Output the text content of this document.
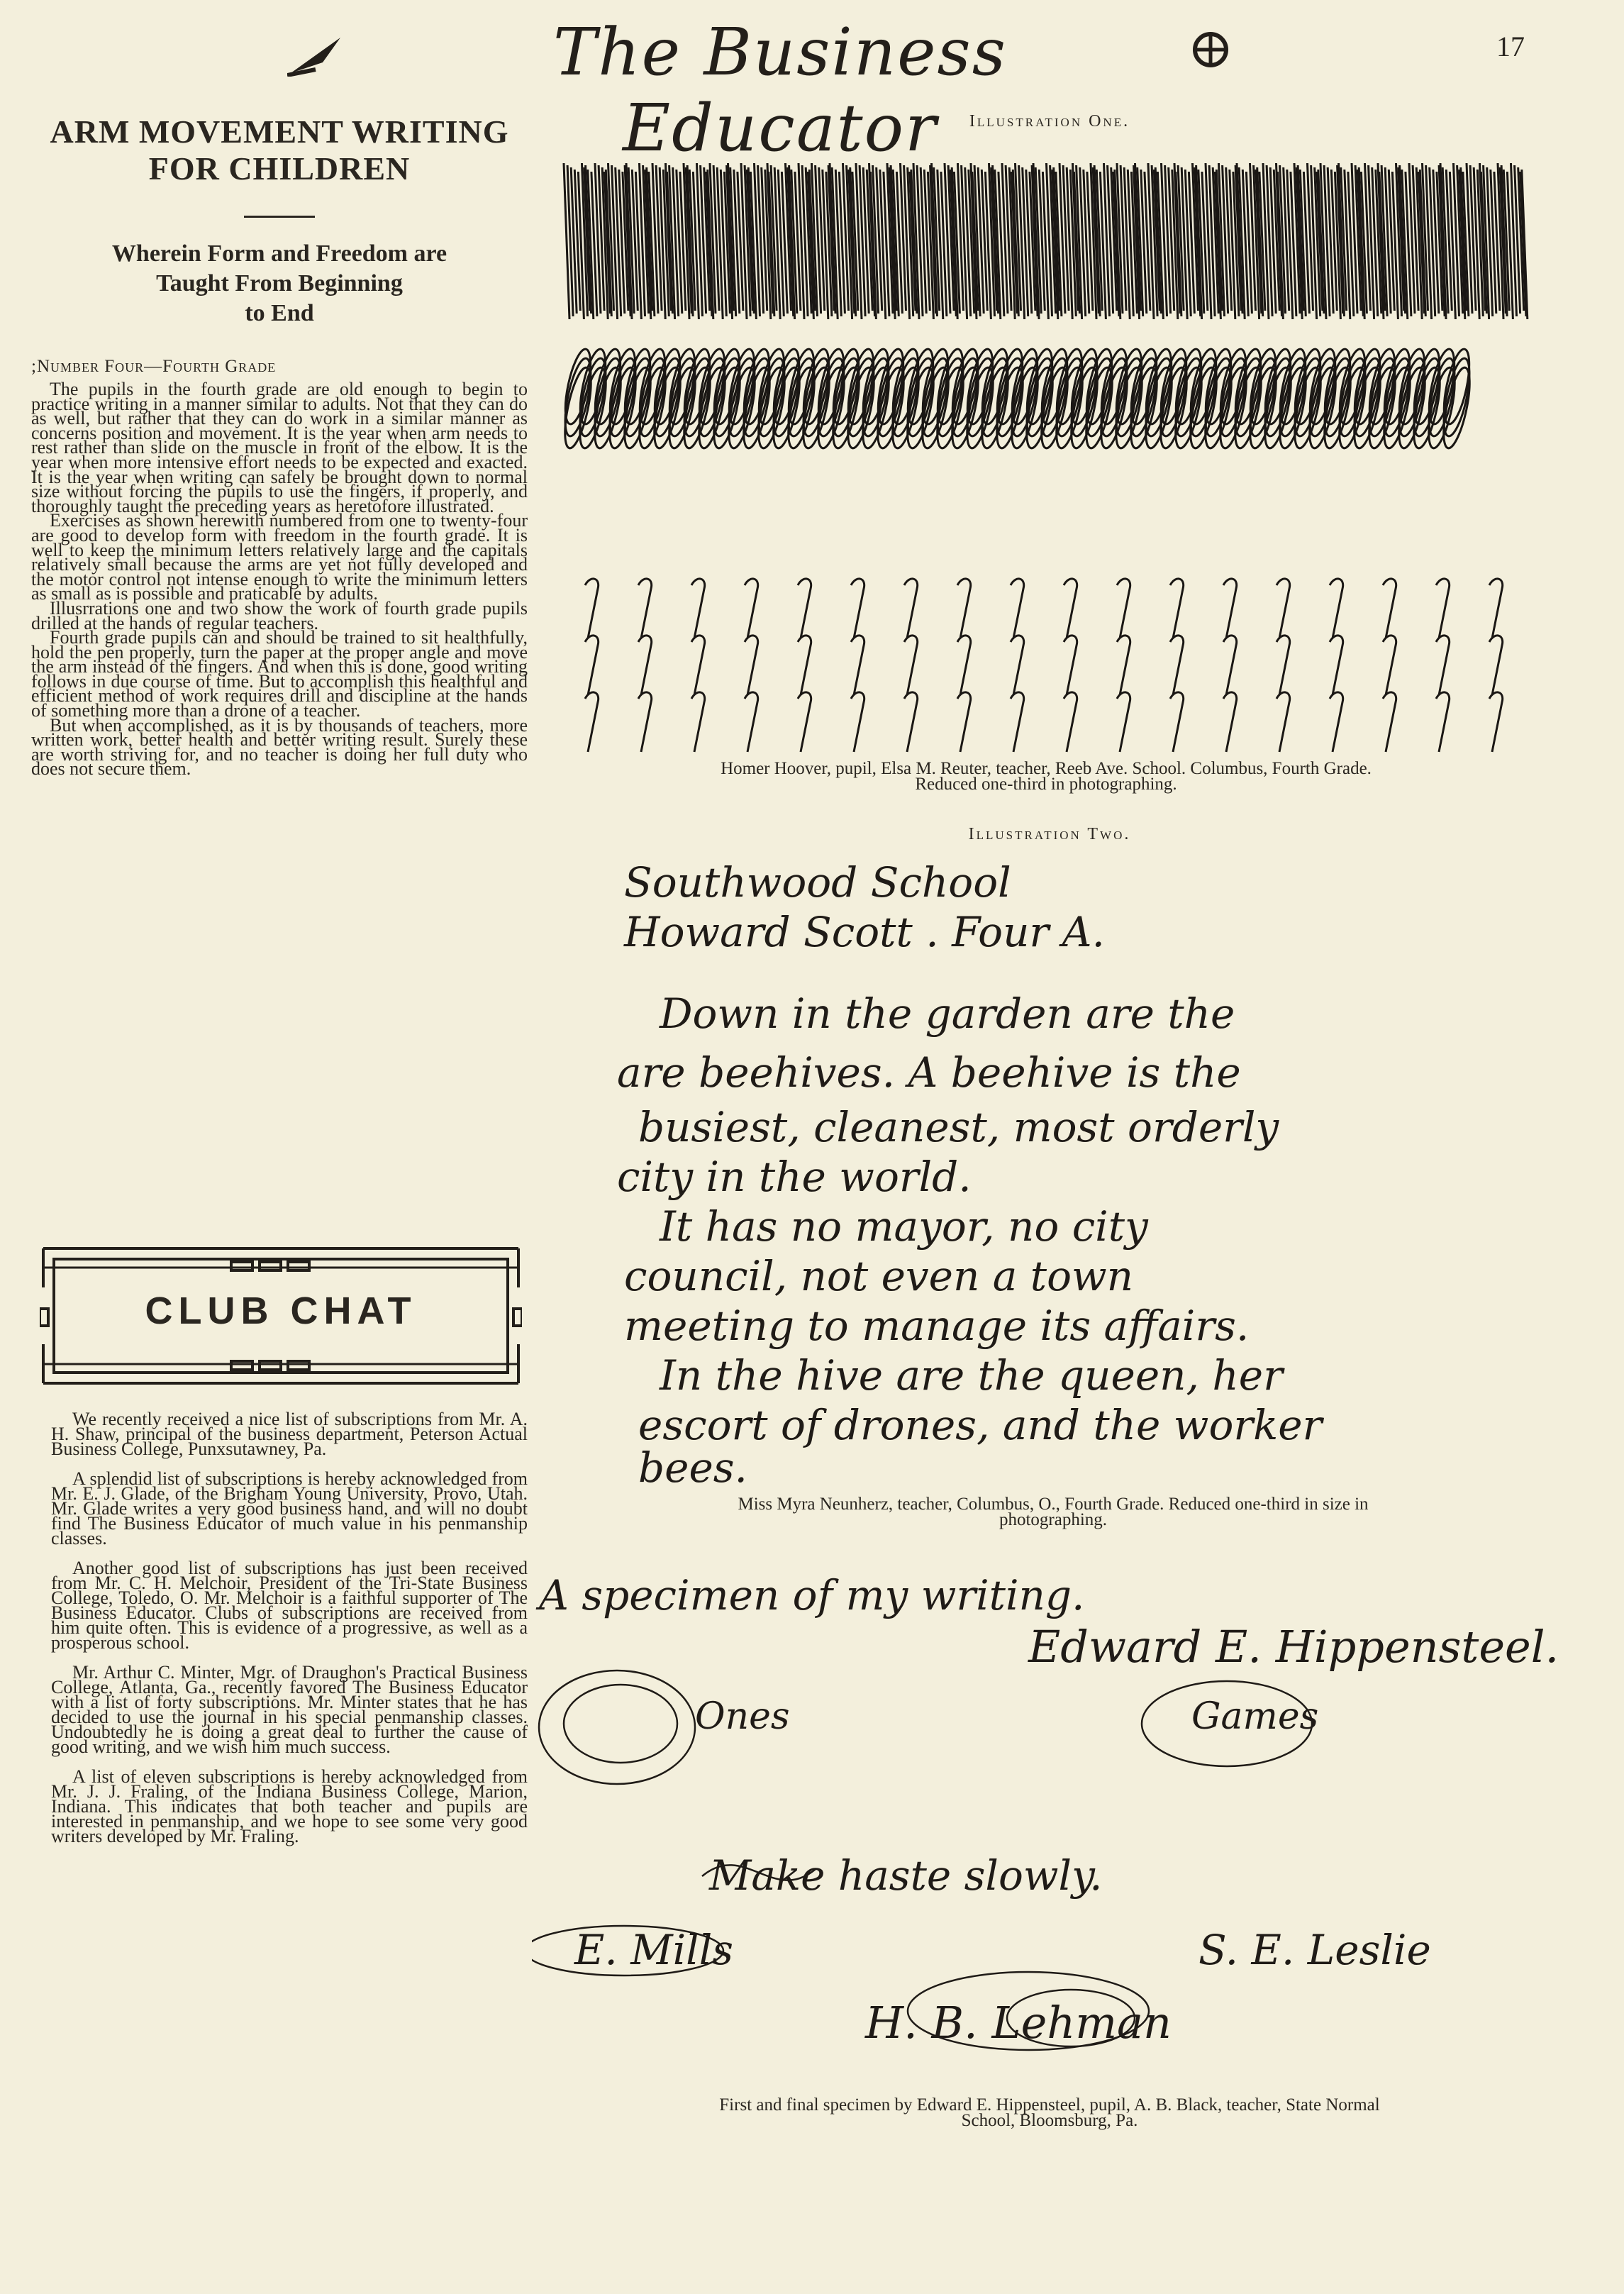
The Business Educator
17
ARM MOVEMENT WRITING
FOR CHILDREN

Wherein Form and Freedom are
Taught From Beginning
to End

;Number Four—Fourth Grade

The pupils in the fourth grade are old enough to begin to practice writing in a manner similar to adults. Not that they can do as well, but rather that they can do work in a similar manner as concerns position and movement. It is the year when arm needs to rest rather than slide on the muscle in front of the elbow. It is the year when more intensive effort needs to be expected and exacted. It is the year when writing can safely be brought down to normal size without forcing the pupils to use the fingers, if properly, and thoroughly taught the preceding years as heretofore illustrated.

Exercises as shown herewith numbered from one to twenty-four are good to develop form with freedom in the fourth grade. It is well to keep the minimum letters relatively large and the capitals relatively small because the arms are yet not fully developed and the motor control not intense enough to write the minimum letters as small as is possible and praticable by adults.

Illusrrations one and two show the work of fourth grade pupils drilled at the hands of regular teachers.

Fourth grade pupils can and should be trained to sit healthfully, hold the pen properly, turn the paper at the proper angle and move the arm instead of the fingers. And when this is done, good writing follows in due course of time. But to accomplish this healthful and efficient method of work requires drill and discipline at the hands of something more than a drone of a teacher.

But when accomplished, as it is by thousands of teachers, more written work, better health and better writing result. Surely these are worth striving for, and no teacher is doing her full duty who does not secure them.

CLUB CHAT

We recently received a nice list of subscriptions from Mr. A. H. Shaw, principal of the business department, Peterson Actual Business College, Punxsutawney, Pa.

A splendid list of subscriptions is hereby acknowledged from Mr. E. J. Glade, of the Brigham Young University, Provo, Utah. Mr. Glade writes a very good business hand, and will no doubt find The Business Educator of much value in his penmanship classes.

Another good list of subscriptions has just been received from Mr. C. H. Melchoir, President of the Tri-State Business College, Toledo, O. Mr. Melchoir is a faithful supporter of The Business Educator. Clubs of subscriptions are received from him quite often. This is evidence of a progressive, as well as a prosperous school.

Mr. Arthur C. Minter, Mgr. of Draughon's Practical Business College, Atlanta, Ga., recently favored The Business Educator with a list of forty subscriptions. Mr. Minter states that he has decided to use the journal in his special penmanship classes. Undoubtedly he is doing a great deal to further the cause of good writing, and we wish him much success.

A list of eleven subscriptions is hereby acknowledged from Mr. J. J. Fraling, of the Indiana Business College, Marion, Indiana. This indicates that both teacher and pupils are interested in penmanship, and we hope to see some very good writers developed by Mr. Fraling.

Illustration One.
Homer Hoover, pupil, Elsa M. Reuter, teacher, Reeb Ave. School. Columbus, Fourth Grade.
Reduced one-third in photographing.
Illustration Two.
Southwood School
Howard Scott . Four A.
Down in the garden are the
are beehives. A beehive is the
busiest, cleanest, most orderly
city in the world.
It has no mayor, no city
council, not even a town
meeting to manage its affairs.
In the hive are the queen, her
escort of drones, and the worker
bees.
Miss Myra Neunherz, teacher, Columbus, O., Fourth Grade. Reduced one-third in size in
photographing.
A specimen of my writing.
Edward E. Hippensteel.
Ones	Games
Make haste slowly.
E. Mills	S. E. Leslie
H. B. Lehman
First and final specimen by Edward E. Hippensteel, pupil, A. B. Black, teacher, State Normal
School, Bloomsburg, Pa.
